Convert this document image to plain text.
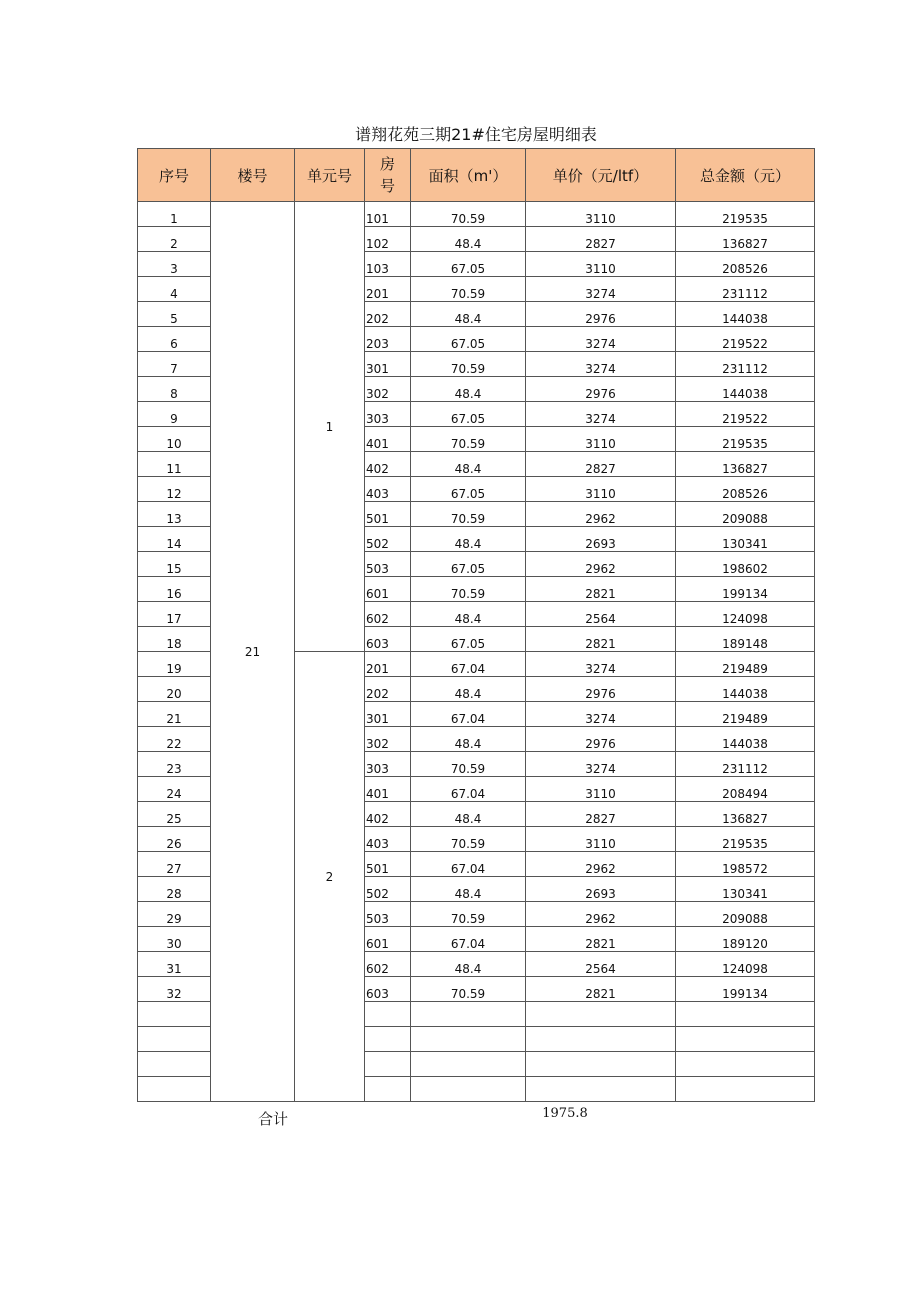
谱翔花苑三期21#住宅房屋明细表
序号	楼号	单元号	房号	面积（m'）	单价（元/ltf）	总金额（元）
1	21	1	101	70.59	3110	219535
2			102	48.4	2827	136827
3			103	67.05	3110	208526
4			201	70.59	3274	231112
5			202	48.4	2976	144038
6			203	67.05	3274	219522
7			301	70.59	3274	231112
8			302	48.4	2976	144038
9			303	67.05	3274	219522
10			401	70.59	3110	219535
11			402	48.4	2827	136827
12			403	67.05	3110	208526
13			501	70.59	2962	209088
14			502	48.4	2693	130341
15			503	67.05	2962	198602
16			601	70.59	2821	199134
17			602	48.4	2564	124098
18			603	67.05	2821	189148
19		2	201	67.04	3274	219489
20			202	48.4	2976	144038
21			301	67.04	3274	219489
22			302	48.4	2976	144038
23			303	70.59	3274	231112
24			401	67.04	3110	208494
25			402	48.4	2827	136827
26			403	70.59	3110	219535
27			501	67.04	2962	198572
28			502	48.4	2693	130341
29			503	70.59	2962	209088
30			601	67.04	2821	189120
31			602	48.4	2564	124098
32			603	70.59	2821	199134

合计	1975.8
